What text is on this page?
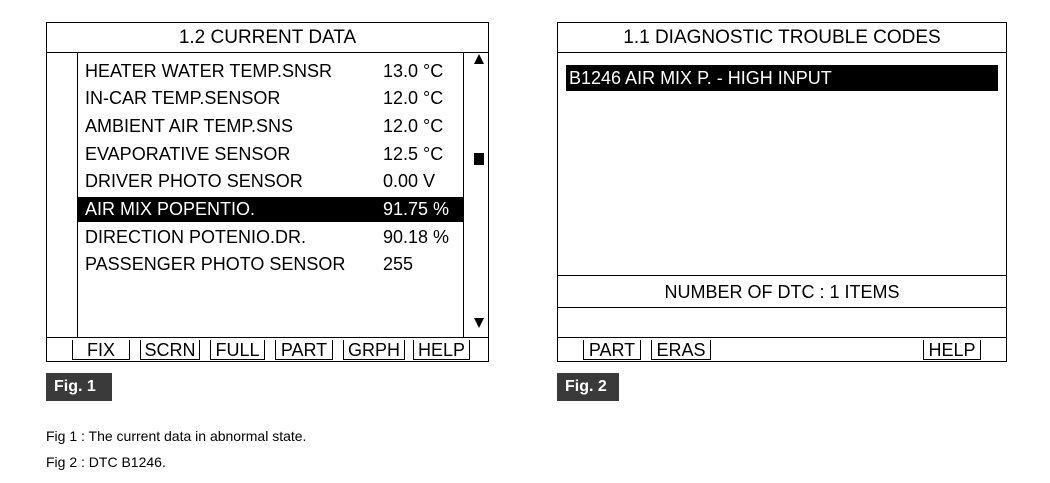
1.2 CURRENT DATA
HEATER WATER TEMP.SNSR	13.0 °C
IN-CAR TEMP.SENSOR	12.0 °C
AMBIENT AIR TEMP.SNS	12.0 °C
EVAPORATIVE SENSOR	12.5 °C
DRIVER PHOTO SENSOR	0.00 V
AIR MIX POPENTIO.	91.75 %
DIRECTION POTENIO.DR.	90.18 %
PASSENGER PHOTO SENSOR 255
FIX	SCRN	FULL	PART	GRPH HELP
1.1 DIAGNOSTIC TROUBLE CODES
B1246 AIR MIX P. - HIGH INPUT
NUMBER OF DTC : 1 ITEMS
PART	ERAS	HELP
Fig. 1	Fig. 2
Fig 1 : The current data in abnormal state.
Fig 2 : DTC B1246.
